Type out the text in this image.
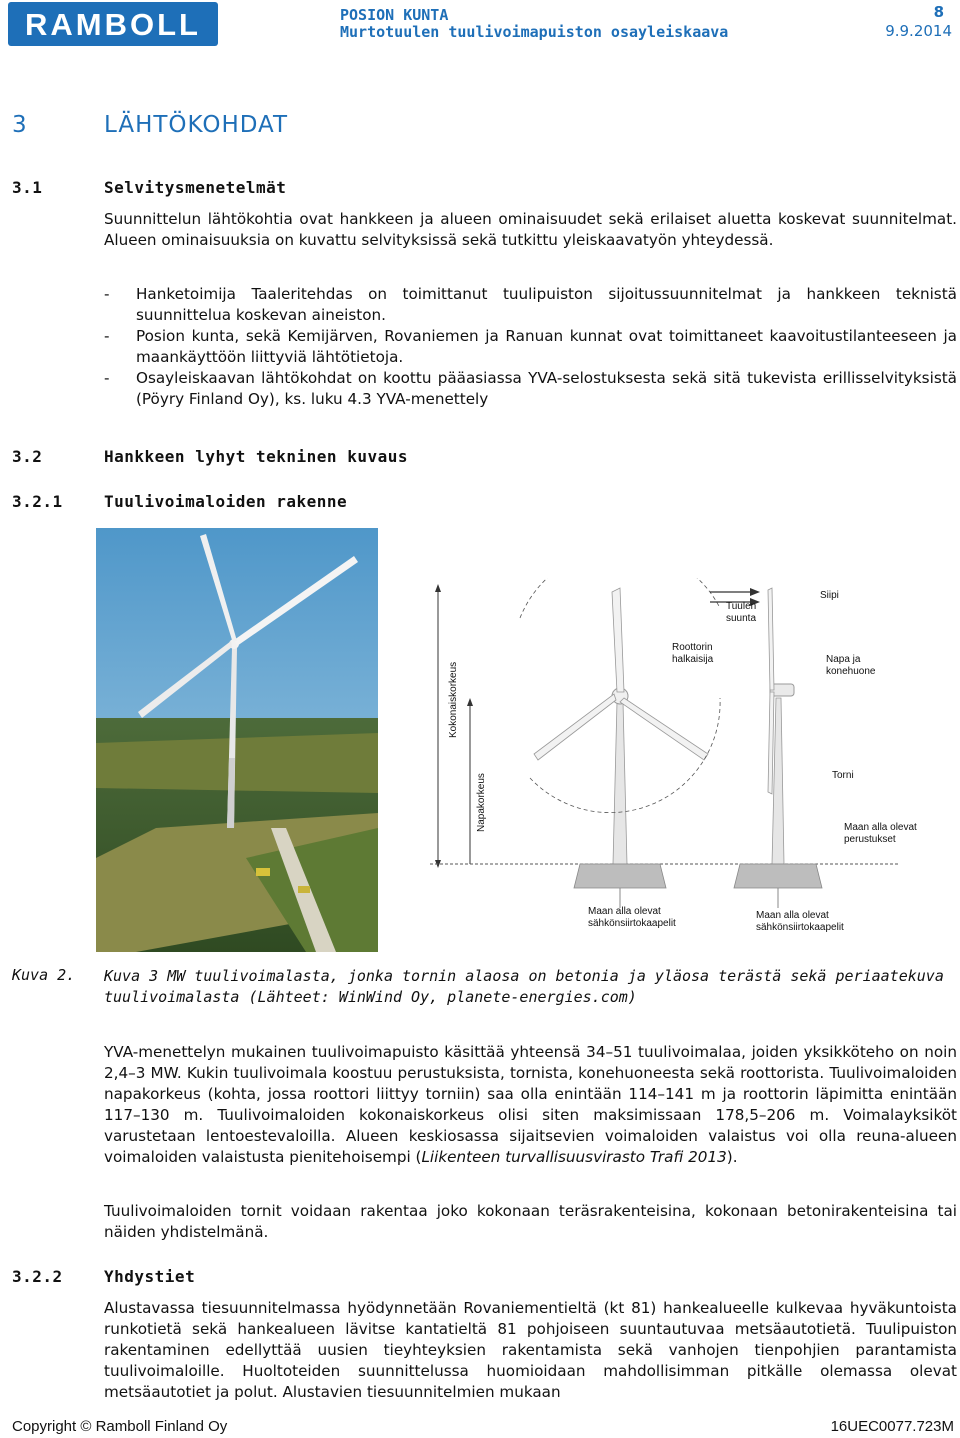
RAMBOLL	POSION KUNTA
Murtotuulen tuulivoimapuiston osayleiskaava
8
9.9.2014
3	LÄHTÖKOHDAT
3.1	Selvitysmenetelmät

Suunnittelun lähtökohtia ovat hankkeen ja alueen ominaisuudet sekä erilaiset aluetta koskevat suunnitelmat. Alueen ominaisuuksia on kuvattu selvityksissä sekä tutkittu yleiskaavatyön yhteydessä.

- Hanketoimija Taaleritehdas on toimittanut tuulipuiston sijoitussuunnitelmat ja hankkeen teknistä suunnittelua koskevan aineiston.
- Posion kunta, sekä Kemijärven, Rovaniemen ja Ranuan kunnat ovat toimittaneet kaavoitustilanteeseen ja maankäyttöön liittyviä lähtötietoja.
- Osayleiskaavan lähtökohdat on koottu pääasiassa YVA-selostuksesta sekä sitä tukevista erillisselvityksistä (Pöyry Finland Oy), ks. luku 4.3 YVA-menettely
3.2	Hankkeen lyhyt tekninen kuvaus
3.2.1	Tuulivoimaloiden rakenne
Kokonaiskorkeus
Napakorkeus
Tuulen
suunta
Siipi
Roottorin
halkaisija	Napa ja
konehuone
Torni
Maan alla olevat
perustukset
Maan alla olevat
sähkönsiirtokaapelit
Maan alla olevat
sähkönsiirtokaapelit
Kuva 2. Kuva 3 MW tuulivoimalasta, jonka tornin alaosa on betonia ja yläosa terästä sekä periaatekuva tuulivoimalasta (Lähteet: WinWind Oy, planete-energies.com)

YVA-menettelyn mukainen tuulivoimapuisto käsittää yhteensä 34–51 tuulivoimalaa, joiden yksikköteho on noin 2,4–3 MW. Kukin tuulivoimala koostuu perustuksista, tornista, konehuoneesta sekä roottorista. Tuulivoimaloiden napakorkeus (kohta, jossa roottori liittyy torniin) saa olla enintään 114–141 m ja roottorin läpimitta enintään 117–130 m. Tuulivoimaloiden kokonaiskorkeus olisi siten maksimissaan 178,5–206 m. Voimalayksiköt varustetaan lentoestevaloilla. Alueen keskiosassa sijaitsevien voimaloiden valaistus voi olla reuna-alueen voimaloiden valaistusta pienitehoisempi (Liikenteen turvallisuusvirasto Trafi 2013).

Tuulivoimaloiden tornit voidaan rakentaa joko kokonaan teräsrakenteisina, kokonaan betonirakenteisina tai näiden yhdistelmänä.

3.2.2	Yhdystiet

Alustavassa tiesuunnitelmassa hyödynnetään Rovaniementieltä (kt 81) hankealueelle kulkevaa hyväkuntoista runkotietä sekä hankealueen lävitse kantatieltä 81 pohjoiseen suuntautuvaa metsäautotietä. Tuulipuiston rakentaminen edellyttää uusien tieyhteyksien rakentamista sekä vanhojen tienpohjien parantamista tuulivoimaloille. Huoltoteiden suunnittelussa huomioidaan mahdollisimman pitkälle olemassa olevat metsäautotiet ja polut. Alustavien tiesuunnitelmien mukaan

Copyright © Ramboll Finland Oy	16UEC0077.723M
